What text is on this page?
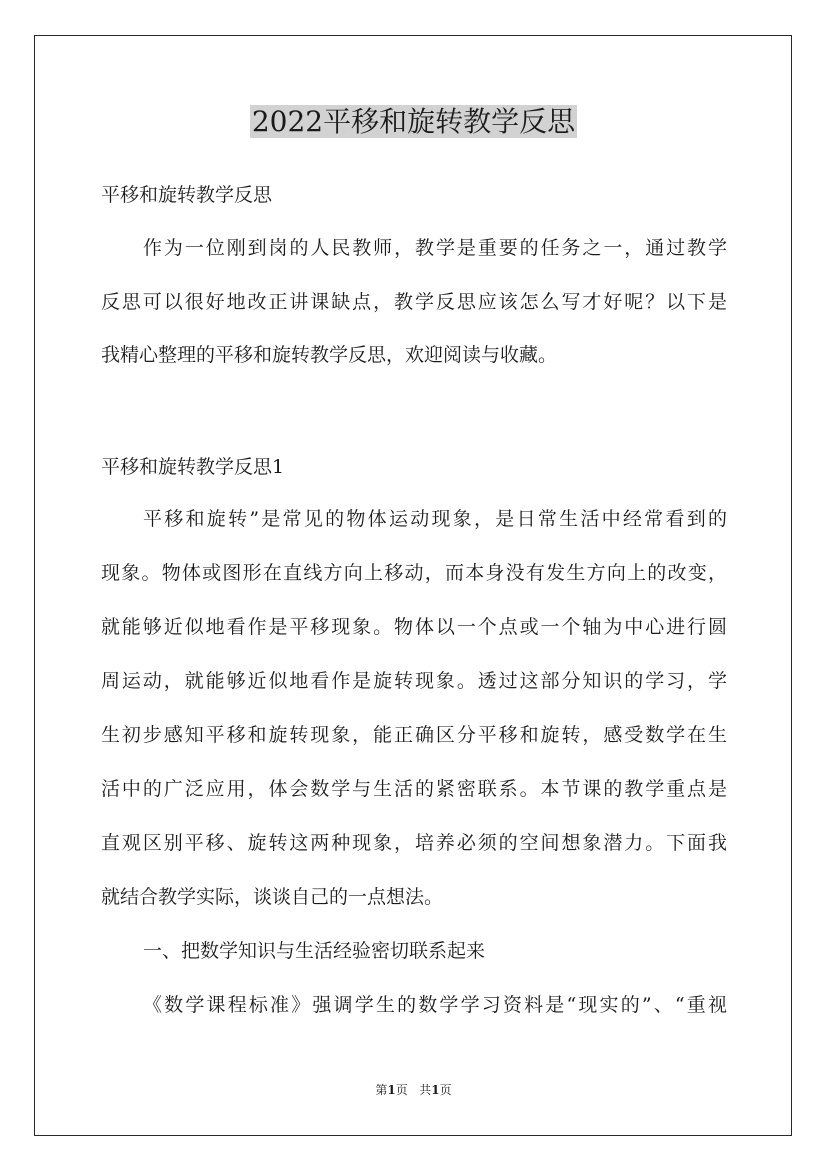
2022平移和旋转教学反思

平移和旋转教学反思

作为一位刚到岗的人民教师，教学是重要的任务之一，通过教学

反思可以很好地改正讲课缺点，教学反思应该怎么写才好呢？以下是

我精心整理的平移和旋转教学反思，欢迎阅读与收藏。

平移和旋转教学反思1

平移和旋转”是常见的物体运动现象，是日常生活中经常看到的

现象。物体或图形在直线方向上移动，而本身没有发生方向上的改变，

就能够近似地看作是平移现象。物体以一个点或一个轴为中心进行圆

周运动，就能够近似地看作是旋转现象。透过这部分知识的学习，学

生初步感知平移和旋转现象，能正确区分平移和旋转，感受数学在生

活中的广泛应用，体会数学与生活的紧密联系。本节课的教学重点是

直观区别平移、旋转这两种现象，培养必须的空间想象潜力。下面我

就结合教学实际，谈谈自己的一点想法。

一、把数学知识与生活经验密切联系起来

《数学课程标准》强调学生的数学学习资料是“现实的”、“重视

第1页 共1页
